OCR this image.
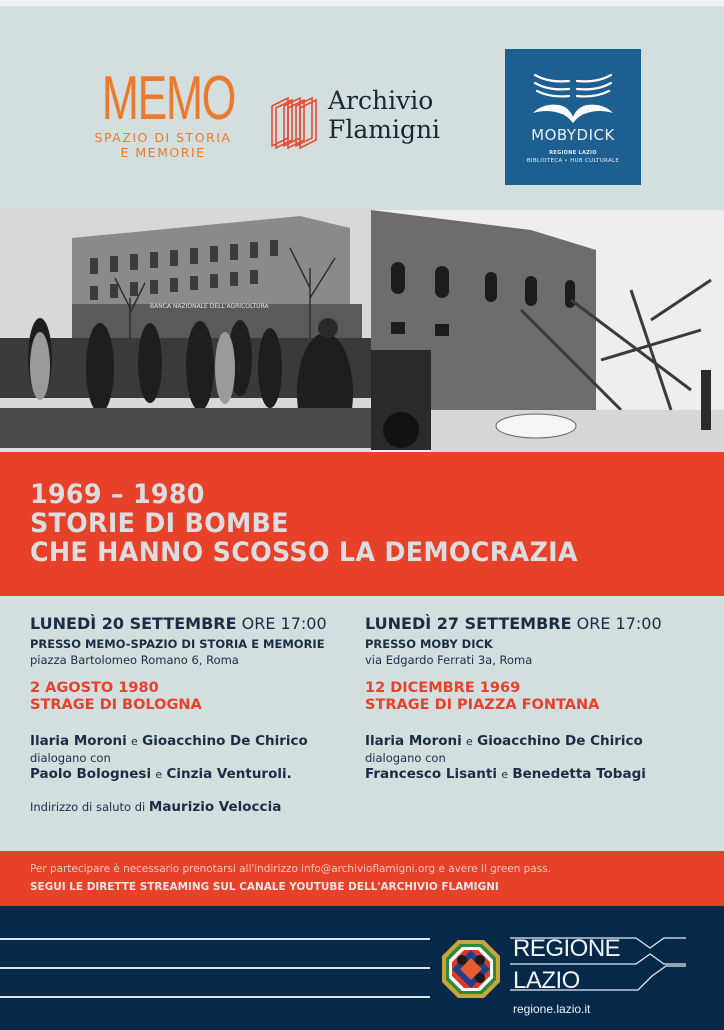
MEMO
SPAZIO DI STORIA
E MEMORIE
Archivio
Flamigni	MOBYDICK
REGIONE LAZIO
BIBLIOTECA • HUB CULTURALE
BANCA NAZIONALE DELL'AGRICOLTURA
1969 – 1980
STORIE DI BOMBE
CHE HANNO SCOSSO LA DEMOCRAZIA
LUNEDÌ 20 SETTEMBRE ORE 17:00
PRESSO MEMO-SPAZIO DI STORIA E MEMORIE
piazza Bartolomeo Romano 6, Roma
2 AGOSTO 1980
STRAGE DI BOLOGNA
Ilaria Moroni e Gioacchino De Chirico
dialogano con
Paolo Bolognesi e Cinzia Venturoli.
Indirizzo di saluto di Maurizio Veloccia
LUNEDÌ 27 SETTEMBRE ORE 17:00
PRESSO MOBY DICK
via Edgardo Ferrati 3a, Roma
12 DICEMBRE 1969
STRAGE DI PIAZZA FONTANA
Ilaria Moroni e Gioacchino De Chirico
dialogano con
Francesco Lisanti e Benedetta Tobagi
Per partecipare è necessario prenotarsi all'indirizzo info@archivioflamigni.org e avere il green pass.
SEGUI LE DIRETTE STREAMING SUL CANALE YOUTUBE DELL'ARCHIVIO FLAMIGNI
REGIONE
LAZIO
regione.lazio.it
